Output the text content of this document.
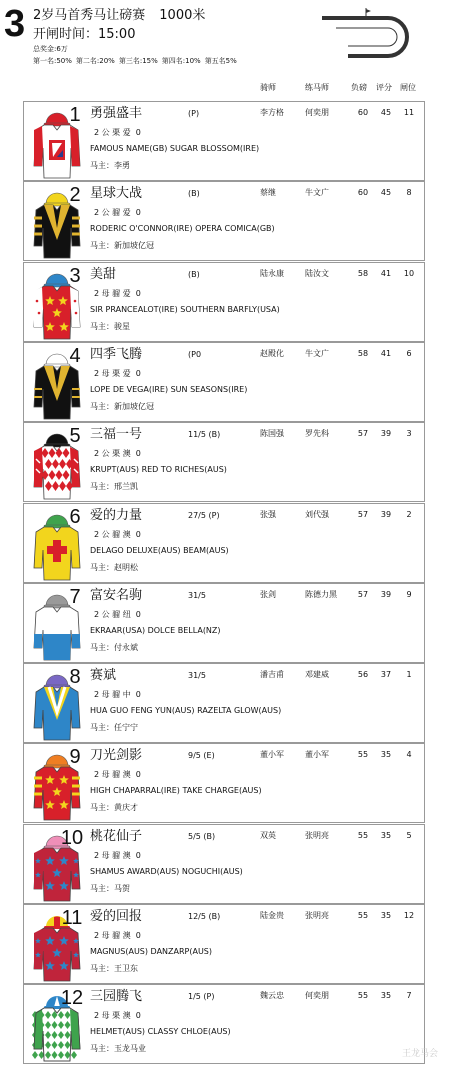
3 2岁马首秀马让磅赛 1000米
开闸时间：15:00
总奖金:6万
第一名:50% 第二名:20% 第三名:15% 第四名:10% 第五名5%
骑师	练马师	负磅 评分 闸位
1 勇强盛丰	(P)	李方格	何奕朋	60	45	11
2 公 栗 爱  0
FAMOUS NAME(GB) SUGAR BLOSSOM(IRE)
马主：李勇
2 星球大战	(B)	蔡继	牛文广	60	45	8
2 公 骝 爱  0
RODERIC O'CONNOR(IRE) OPERA COMICA(GB)
马主：新加坡亿冠
3 美甜	(B)	陆永康	陆汝文	58	41	10
2 母 骝 爱  0
SIR PRANCEALOT(IRE) SOUTHERN BARFLY(USA)
马主：骏星
4 四季飞腾	(P0	赵殿化	牛文广	58	41	6
2 母 栗 爱  0
LOPE DE VEGA(IRE) SUN SEASONS(IRE)
马主：新加坡亿冠
5 三福一号	11/5 (B)	陈国强	罗先科	57	39	3
2 公 栗 澳  0
KRUPT(AUS) RED TO RICHES(AUS)
马主：邢兰凯
6 爱的力量	27/5 (P)	张强	刘代强	57	39	2
2 公 骝 澳  0
DELAGO DELUXE(AUS) BEAM(AUS)
马主：赵明松
7 富安名驹	31/5	张剑	陈德力黑	57	39	9
2 公 骝 纽  0
EKRAAR(USA) DOLCE BELLA(NZ)
马主：付永斌
8 赛斌	31/5	潘吉甫	邓建威	56	37	1
2 母 骝 中  0
HUA GUO FENG YUN(AUS) RAZELTA GLOW(AUS)
马主：任宁宁
9 刀光剑影	9/5 (E)	董小军	董小军	55	35	4
2 母 骝 澳  0
HIGH CHAPARRAL(IRE) TAKE CHARGE(AUS)
马主：黄庆才
10 桃花仙子	5/5 (B)	双英	张明亮	55	35	5
2 母 骝 澳  0
SHAMUS AWARD(AUS) NOGUCHI(AUS)
马主：马贺
11 爱的回报	12/5 (B)	陆金贵	张明亮	55	35	12
2 母 骝 澳  0
MAGNUS(AUS) DANZARP(AUS)
马主：王卫东
12 三园腾飞	1/5 (P)	魏云忠	何奕朋	55	35	7
2 母 栗 澳  0
HELMET(AUS) CLASSY CHLOE(AUS)
马主：玉龙马业
王龙马会
